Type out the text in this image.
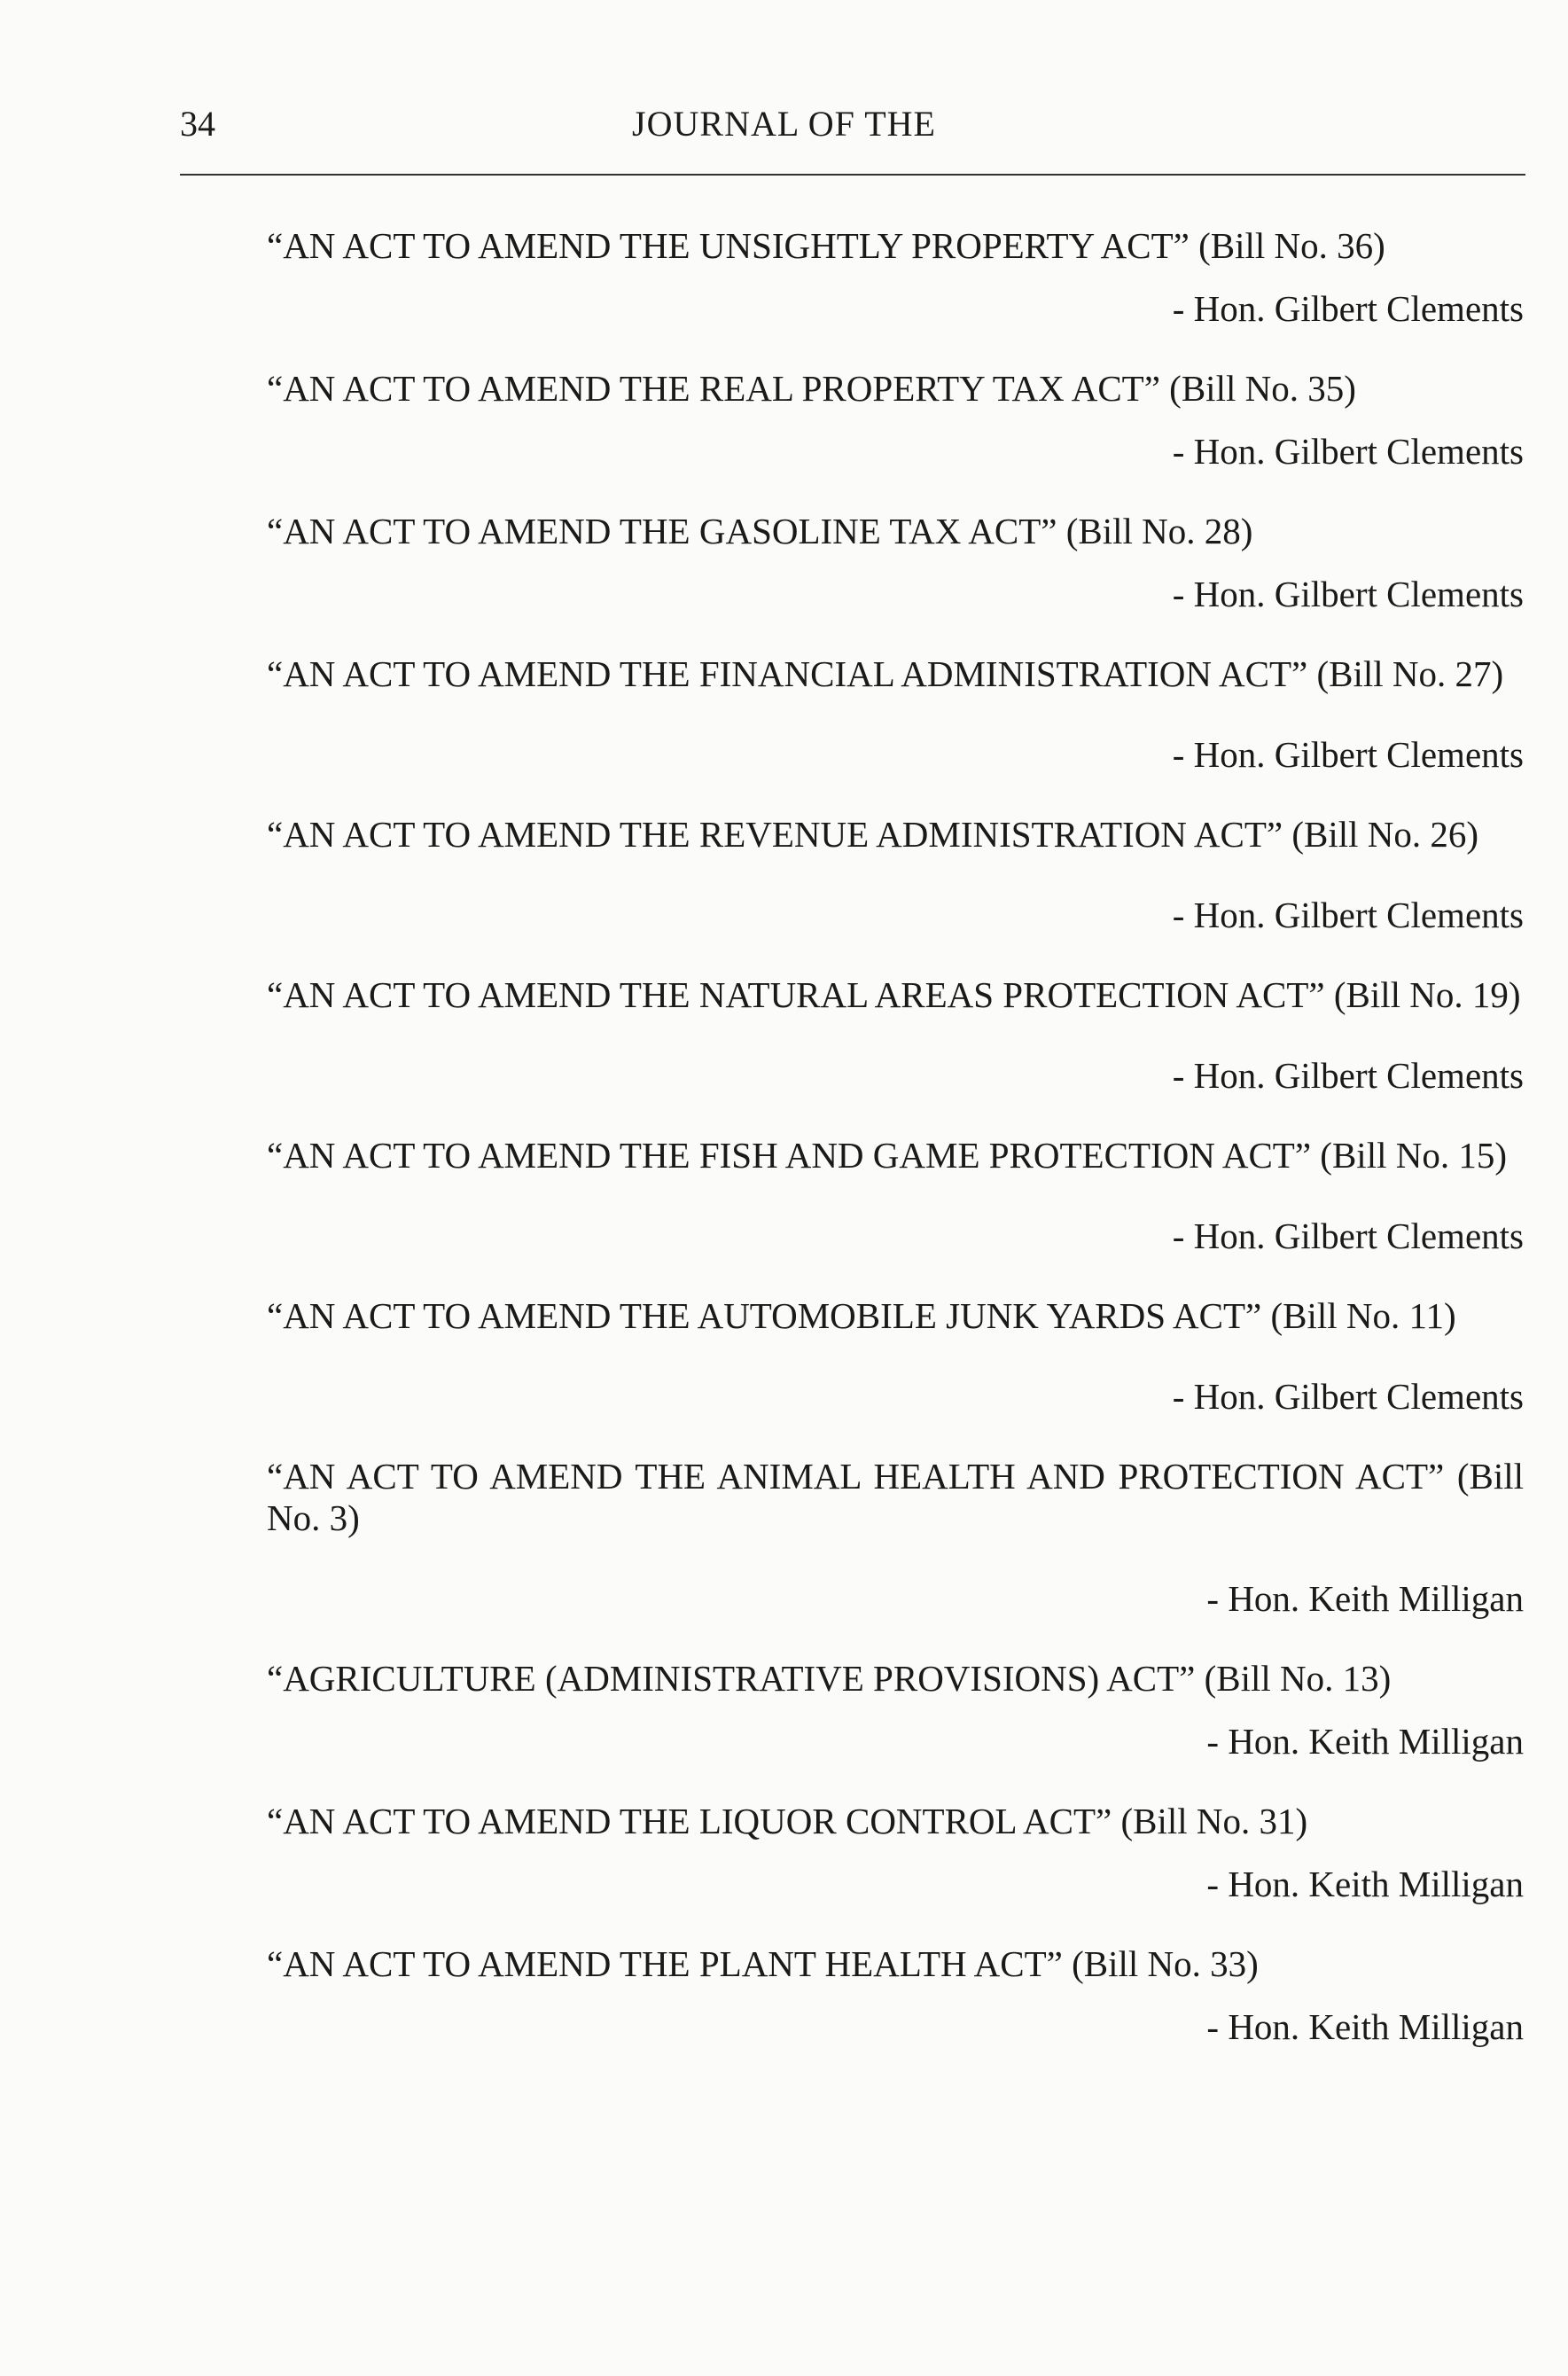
34	JOURNAL OF THE

“AN ACT TO AMEND THE UNSIGHTLY PROPERTY ACT” (Bill No. 36)

- Hon. Gilbert Clements

“AN ACT TO AMEND THE REAL PROPERTY TAX ACT” (Bill No. 35)

- Hon. Gilbert Clements

“AN ACT TO AMEND THE GASOLINE TAX ACT” (Bill No. 28)

- Hon. Gilbert Clements

“AN ACT TO AMEND THE FINANCIAL ADMINISTRATION ACT” (Bill No. 27)

- Hon. Gilbert Clements

“AN ACT TO AMEND THE REVENUE ADMINISTRATION ACT” (Bill No. 26)

- Hon. Gilbert Clements

“AN ACT TO AMEND THE NATURAL AREAS PROTECTION ACT” (Bill No. 19)

- Hon. Gilbert Clements

“AN ACT TO AMEND THE FISH AND GAME PROTECTION ACT” (Bill No. 15)

- Hon. Gilbert Clements

“AN ACT TO AMEND THE AUTOMOBILE JUNK YARDS ACT” (Bill No. 11)

- Hon. Gilbert Clements

“AN ACT TO AMEND THE ANIMAL HEALTH AND PROTECTION ACT” (Bill No. 3)

- Hon. Keith Milligan

“AGRICULTURE (ADMINISTRATIVE PROVISIONS) ACT” (Bill No. 13)

- Hon. Keith Milligan

“AN ACT TO AMEND THE LIQUOR CONTROL ACT” (Bill No. 31)

- Hon. Keith Milligan

“AN ACT TO AMEND THE PLANT HEALTH ACT” (Bill No. 33)

- Hon. Keith Milligan
